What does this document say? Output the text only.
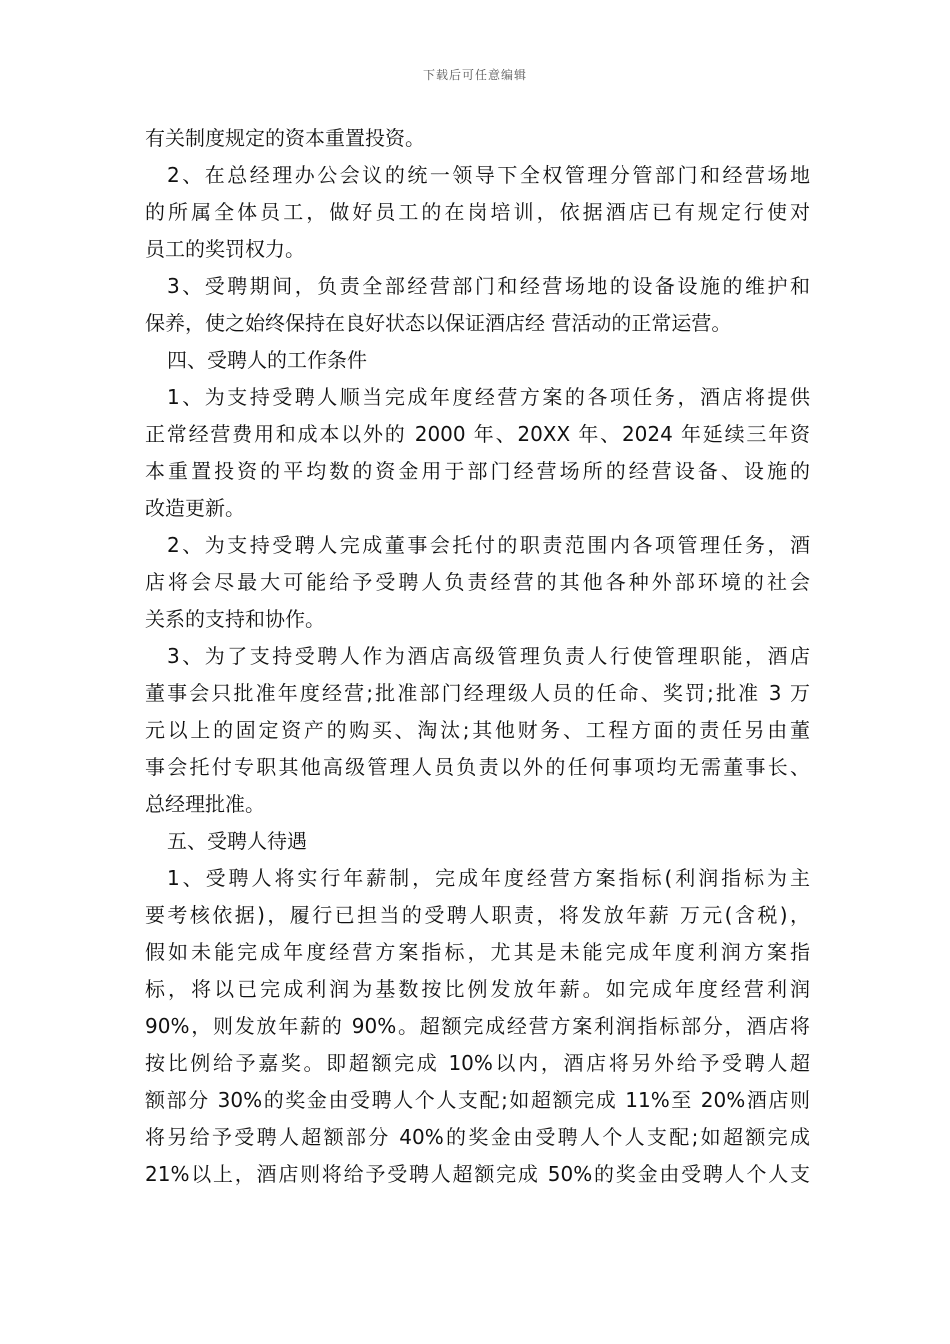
下载后可任意编辑
有关制度规定的资本重置投资。
2、在总经理办公会议的统一领导下全权管理分管部门和经营场地
的所属全体员工，做好员工的在岗培训，依据酒店已有规定行使对
员工的奖罚权力。
3、受聘期间，负责全部经营部门和经营场地的设备设施的维护和
保养，使之始终保持在良好状态以保证酒店经 营活动的正常运营。
四、受聘人的工作条件
1、为支持受聘人顺当完成年度经营方案的各项任务，酒店将提供
正常经营费用和成本以外的 2000 年、20XX 年、2024 年延续三年资
本重置投资的平均数的资金用于部门经营场所的经营设备、设施的
改造更新。
2、为支持受聘人完成董事会托付的职责范围内各项管理任务，酒
店将会尽最大可能给予受聘人负责经营的其他各种外部环境的社会
关系的支持和协作。
3、为了支持受聘人作为酒店高级管理负责人行使管理职能，酒店
董事会只批准年度经营;批准部门经理级人员的任命、奖罚;批准 3 万
元以上的固定资产的购买、淘汰;其他财务、工程方面的责任另由董
事会托付专职其他高级管理人员负责以外的任何事项均无需董事长、
总经理批准。
五、受聘人待遇
1、受聘人将实行年薪制，完成年度经营方案指标(利润指标为主
要考核依据)，履行已担当的受聘人职责，将发放年薪 万元(含税)，
假如未能完成年度经营方案指标，尤其是未能完成年度利润方案指
标，将以已完成利润为基数按比例发放年薪。如完成年度经营利润
90%，则发放年薪的 90%。超额完成经营方案利润指标部分，酒店将
按比例给予嘉奖。即超额完成 10%以内，酒店将另外给予受聘人超
额部分 30%的奖金由受聘人个人支配;如超额完成 11%至 20%酒店则
将另给予受聘人超额部分 40%的奖金由受聘人个人支配;如超额完成
21%以上，酒店则将给予受聘人超额完成 50%的奖金由受聘人个人支
